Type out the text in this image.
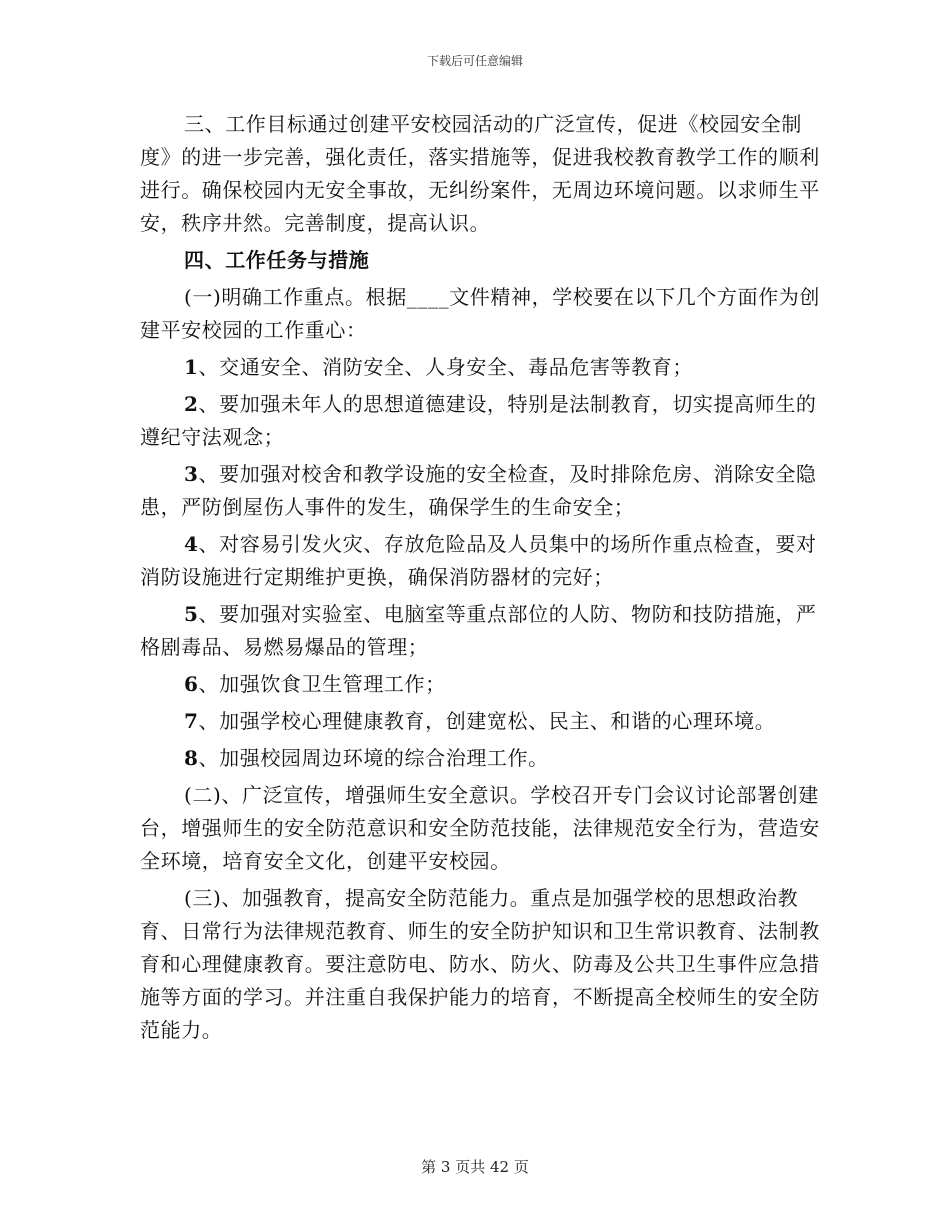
下载后可任意编辑

三、工作目标通过创建平安校园活动的广泛宣传，促进《校园安全制度》的进一步完善，强化责任，落实措施等，促进我校教育教学工作的顺利进行。确保校园内无安全事故，无纠纷案件，无周边环境问题。以求师生平安，秩序井然。完善制度，提高认识。

四、工作任务与措施

(一)明确工作重点。根据____文件精神，学校要在以下几个方面作为创建平安校园的工作重心：

1、交通安全、消防安全、人身安全、毒品危害等教育；

2、要加强未年人的思想道德建设，特别是法制教育，切实提高师生的遵纪守法观念；

3、要加强对校舍和教学设施的安全检查，及时排除危房、消除安全隐患，严防倒屋伤人事件的发生，确保学生的生命安全；

4、对容易引发火灾、存放危险品及人员集中的场所作重点检查，要对消防设施进行定期维护更换，确保消防器材的完好；

5、要加强对实验室、电脑室等重点部位的人防、物防和技防措施，严格剧毒品、易燃易爆品的管理；

6、加强饮食卫生管理工作；

7、加强学校心理健康教育，创建宽松、民主、和谐的心理环境。

8、加强校园周边环境的综合治理工作。

(二)、广泛宣传，增强师生安全意识。学校召开专门会议讨论部署创建台，增强师生的安全防范意识和安全防范技能，法律规范安全行为，营造安全环境，培育安全文化，创建平安校园。

(三)、加强教育，提高安全防范能力。重点是加强学校的思想政治教育、日常行为法律规范教育、师生的安全防护知识和卫生常识教育、法制教育和心理健康教育。要注意防电、防水、防火、防毒及公共卫生事件应急措施等方面的学习。并注重自我保护能力的培育，不断提高全校师生的安全防范能力。

第 3 页共 42 页
